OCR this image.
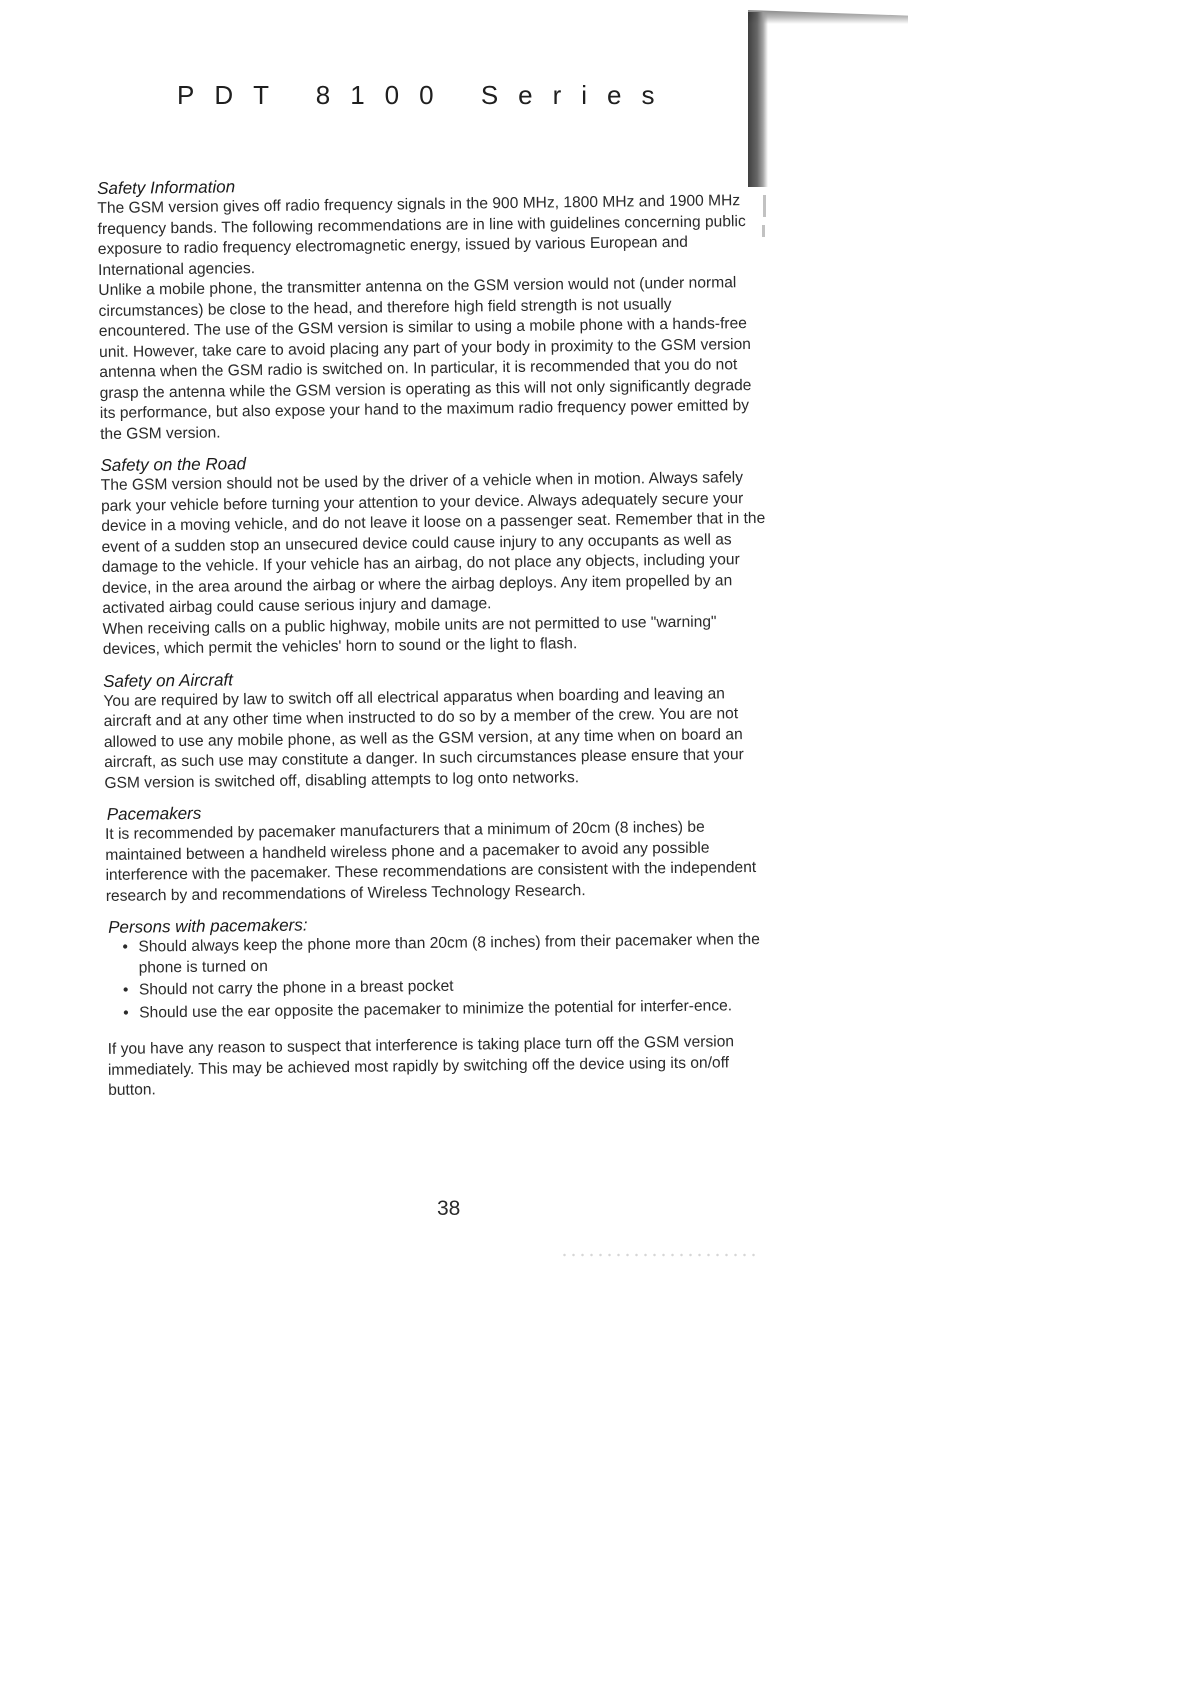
PDT 8100 Series
Safety Information

The GSM version gives off radio frequency signals in the 900 MHz, 1800 MHz and 1900 MHz frequency bands. The following recommendations are in line with guidelines concerning public exposure to radio frequency electromagnetic energy, issued by various European and International agencies.

Unlike a mobile phone, the transmitter antenna on the GSM version would not (under normal circumstances) be close to the head, and therefore high field strength is not usually encountered. The use of the GSM version is similar to using a mobile phone with a hands-free unit. However, take care to avoid placing any part of your body in proximity to the GSM version antenna when the GSM radio is switched on. In particular, it is recommended that you do not grasp the antenna while the GSM version is operating as this will not only significantly degrade its performance, but also expose your hand to the maximum radio frequency power emitted by the GSM version.

Safety on the Road

The GSM version should not be used by the driver of a vehicle when in motion. Always safely park your vehicle before turning your attention to your device. Always adequately secure your device in a moving vehicle, and do not leave it loose on a passenger seat. Remember that in the event of a sudden stop an unsecured device could cause injury to any occupants as well as damage to the vehicle. If your vehicle has an airbag, do not place any objects, including your device, in the area around the airbag or where the airbag deploys. Any item propelled by an activated airbag could cause serious injury and damage.

When receiving calls on a public highway, mobile units are not permitted to use "warning" devices, which permit the vehicles' horn to sound or the light to flash.

Safety on Aircraft

You are required by law to switch off all electrical apparatus when boarding and leaving an aircraft and at any other time when instructed to do so by a member of the crew. You are not allowed to use any mobile phone, as well as the GSM version, at any time when on board an aircraft, as such use may constitute a danger. In such circumstances please ensure that your GSM version is switched off, disabling attempts to log onto networks.

Pacemakers

It is recommended by pacemaker manufacturers that a minimum of 20cm (8 inches) be maintained between a handheld wireless phone and a pacemaker to avoid any possible interference with the pacemaker. These recommendations are consistent with the independent research by and recommendations of Wireless Technology Research.

Persons with pacemakers:
• Should always keep the phone more than 20cm (8 inches) from their pacemaker when the phone is turned on
• Should not carry the phone in a breast pocket
• Should use the ear opposite the pacemaker to minimize the potential for interfer-ence.

If you have any reason to suspect that interference is taking place turn off the GSM version immediately. This may be achieved most rapidly by switching off the device using its on/off button.

38
